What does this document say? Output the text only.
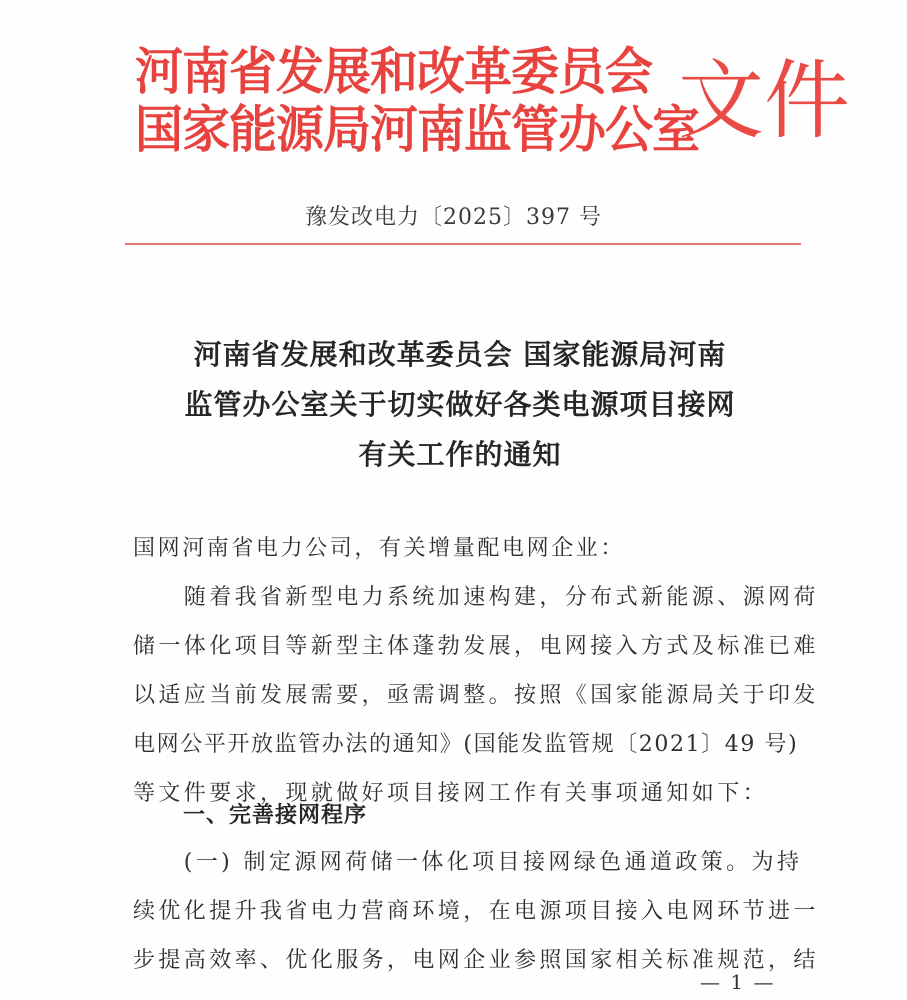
河南省发展和改革委员会
国家能源局河南监管办公室
文件
豫发改电力〔2025〕397 号
河南省发展和改革委员会 国家能源局河南
监管办公室关于切实做好各类电源项目接网
有关工作的通知
国网河南省电力公司，有关增量配电网企业：
　　随着我省新型电力系统加速构建，分布式新能源、源网荷
储一体化项目等新型主体蓬勃发展，电网接入方式及标准已难
以适应当前发展需要，亟需调整。按照《国家能源局关于印发
电网公平开放监管办法的通知》(国能发监管规〔2021〕49 号)
等文件要求，现就做好项目接网工作有关事项通知如下：
一、完善接网程序
　　(一) 制定源网荷储一体化项目接网绿色通道政策。为持
续优化提升我省电力营商环境，在电源项目接入电网环节进一
步提高效率、优化服务，电网企业参照国家相关标准规范，结
— 1 —
